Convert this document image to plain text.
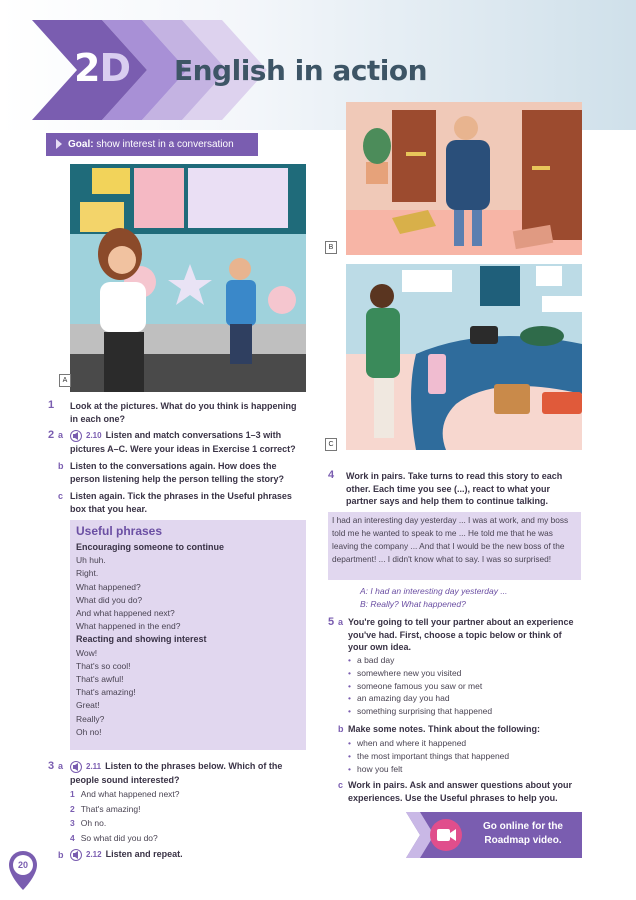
2D English in action
Goal: show interest in a conversation
A
B
C
1 Look at the pictures. What do you think is happening in each one?
2 a	2.10 Listen and match conversations 1–3 with pictures A–C. Were your ideas in Exercise 1 correct?
b Listen to the conversations again. How does the person listening help the person telling the story?
c Listen again. Tick the phrases in the Useful phrases box that you hear.
Useful phrases
Encouraging someone to continue
Uh huh.
Right.
What happened?
What did you do?
And what happened next?
What happened in the end?
Reacting and showing interest
Wow!
That's so cool!
That's awful!
That's amazing!
Great!
Really?
Oh no!
3 a	2.11 Listen to the phrases below. Which of the people sound interested?
1 And what happened next?
2 That's amazing!
3 Oh no.
4 So what did you do?
b	2.12 Listen and repeat.
4 Work in pairs. Take turns to read this story to each other. Each time you see (...), react to what your partner says and help them to continue talking.
I had an interesting day yesterday ... I was at work, and my boss told me he wanted to speak to me ... He told me that he was leaving the company ... And that I would be the new boss of the department! ... I didn't know what to say. I was so surprised!
A: I had an interesting day yesterday ...
B: Really? What happened?
5 a You're going to tell your partner about an experience you've had. First, choose a topic below or think of your own idea.
• a bad day
• somewhere new you visited
• someone famous you saw or met
• an amazing day you had
• something surprising that happened
b Make some notes. Think about the following:
• when and where it happened
• the most important things that happened
• how you felt
c Work in pairs. Ask and answer questions about your experiences. Use the Useful phrases to help you.
Go online for the
Roadmap video.
20
